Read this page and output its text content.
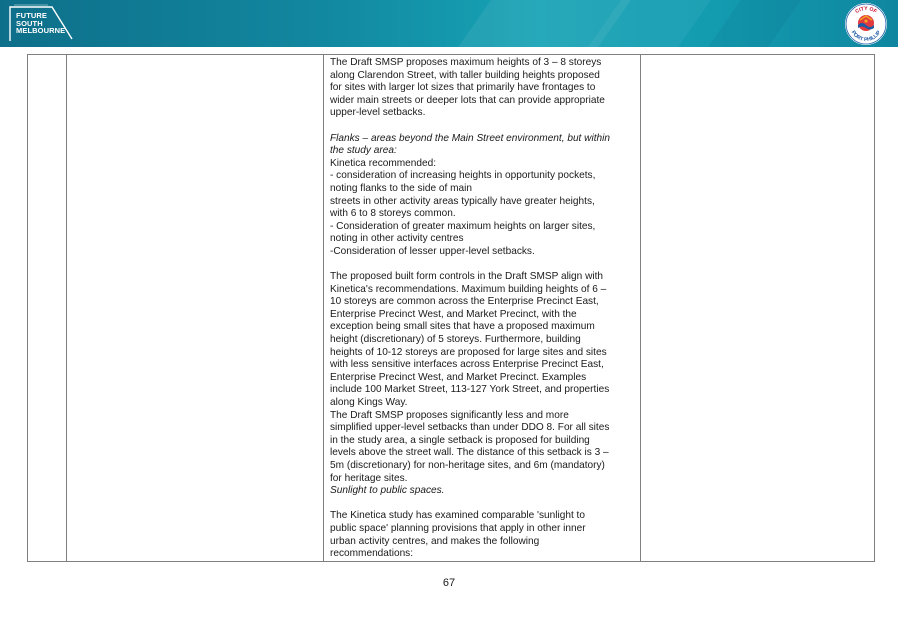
FUTURE
SOUTH
MELBOURNE
CITY OF
PORT PHILLIP

The Draft SMSP proposes maximum heights of 3 – 8 storeys
along Clarendon Street, with taller building heights proposed
for sites with larger lot sizes that primarily have frontages to
wider main streets or deeper lots that can provide appropriate
upper-level setbacks.

Flanks – areas beyond the Main Street environment, but within
the study area:

Kinetica recommended:
- consideration of increasing heights in opportunity pockets,
noting flanks to the side of main
streets in other activity areas typically have greater heights,
with 6 to 8 storeys common.
- Consideration of greater maximum heights on larger sites,
noting in other activity centres
-Consideration of lesser upper-level setbacks.

The proposed built form controls in the Draft SMSP align with
Kinetica's recommendations. Maximum building heights of 6 –
10 storeys are common across the Enterprise Precinct East,
Enterprise Precinct West, and Market Precinct, with the
exception being small sites that have a proposed maximum
height (discretionary) of 5 storeys. Furthermore, building
heights of 10-12 storeys are proposed for large sites and sites
with less sensitive interfaces across Enterprise Precinct East,
Enterprise Precinct West, and Market Precinct. Examples
include 100 Market Street, 113-127 York Street, and properties
along Kings Way.
The Draft SMSP proposes significantly less and more
simplified upper-level setbacks than under DDO 8. For all sites
in the study area, a single setback is proposed for building
levels above the street wall. The distance of this setback is 3 –
5m (discretionary) for non-heritage sites, and 6m (mandatory)
for heritage sites.

Sunlight to public spaces.

The Kinetica study has examined comparable 'sunlight to
public space' planning provisions that apply in other inner
urban activity centres, and makes the following
recommendations:

67
